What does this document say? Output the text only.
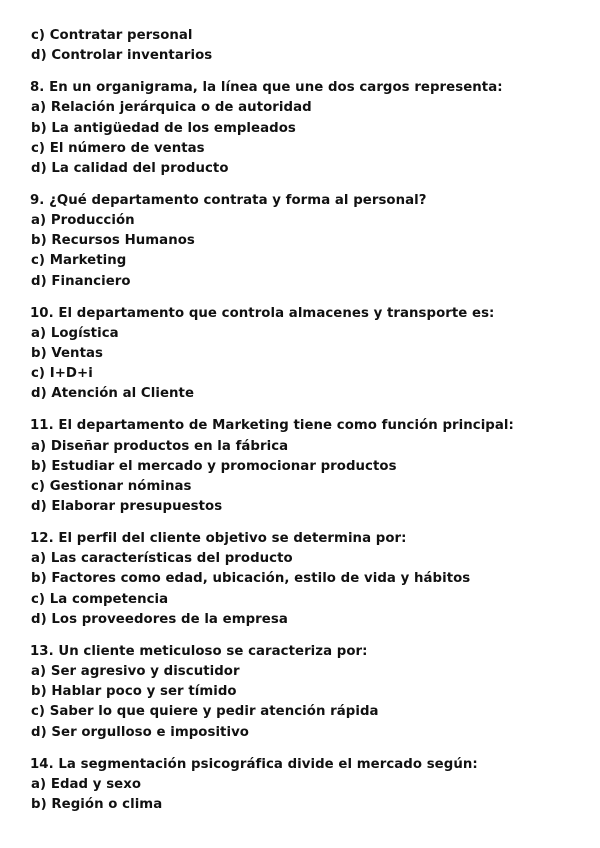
c) Contratar personal
d) Controlar inventarios
8. En un organigrama, la línea que une dos cargos representa:
a) Relación jerárquica o de autoridad
b) La antigüedad de los empleados
c) El número de ventas
d) La calidad del producto
9. ¿Qué departamento contrata y forma al personal?
a) Producción
b) Recursos Humanos
c) Marketing
d) Financiero
10. El departamento que controla almacenes y transporte es:
a) Logística
b) Ventas
c) I+D+i
d) Atención al Cliente
11. El departamento de Marketing tiene como función principal:
a) Diseñar productos en la fábrica
b) Estudiar el mercado y promocionar productos
c) Gestionar nóminas
d) Elaborar presupuestos
12. El perfil del cliente objetivo se determina por:
a) Las características del producto
b) Factores como edad, ubicación, estilo de vida y hábitos
c) La competencia
d) Los proveedores de la empresa
13. Un cliente meticuloso se caracteriza por:
a) Ser agresivo y discutidor
b) Hablar poco y ser tímido
c) Saber lo que quiere y pedir atención rápida
d) Ser orgulloso e impositivo
14. La segmentación psicográfica divide el mercado según:
a) Edad y sexo
b) Región o clima
